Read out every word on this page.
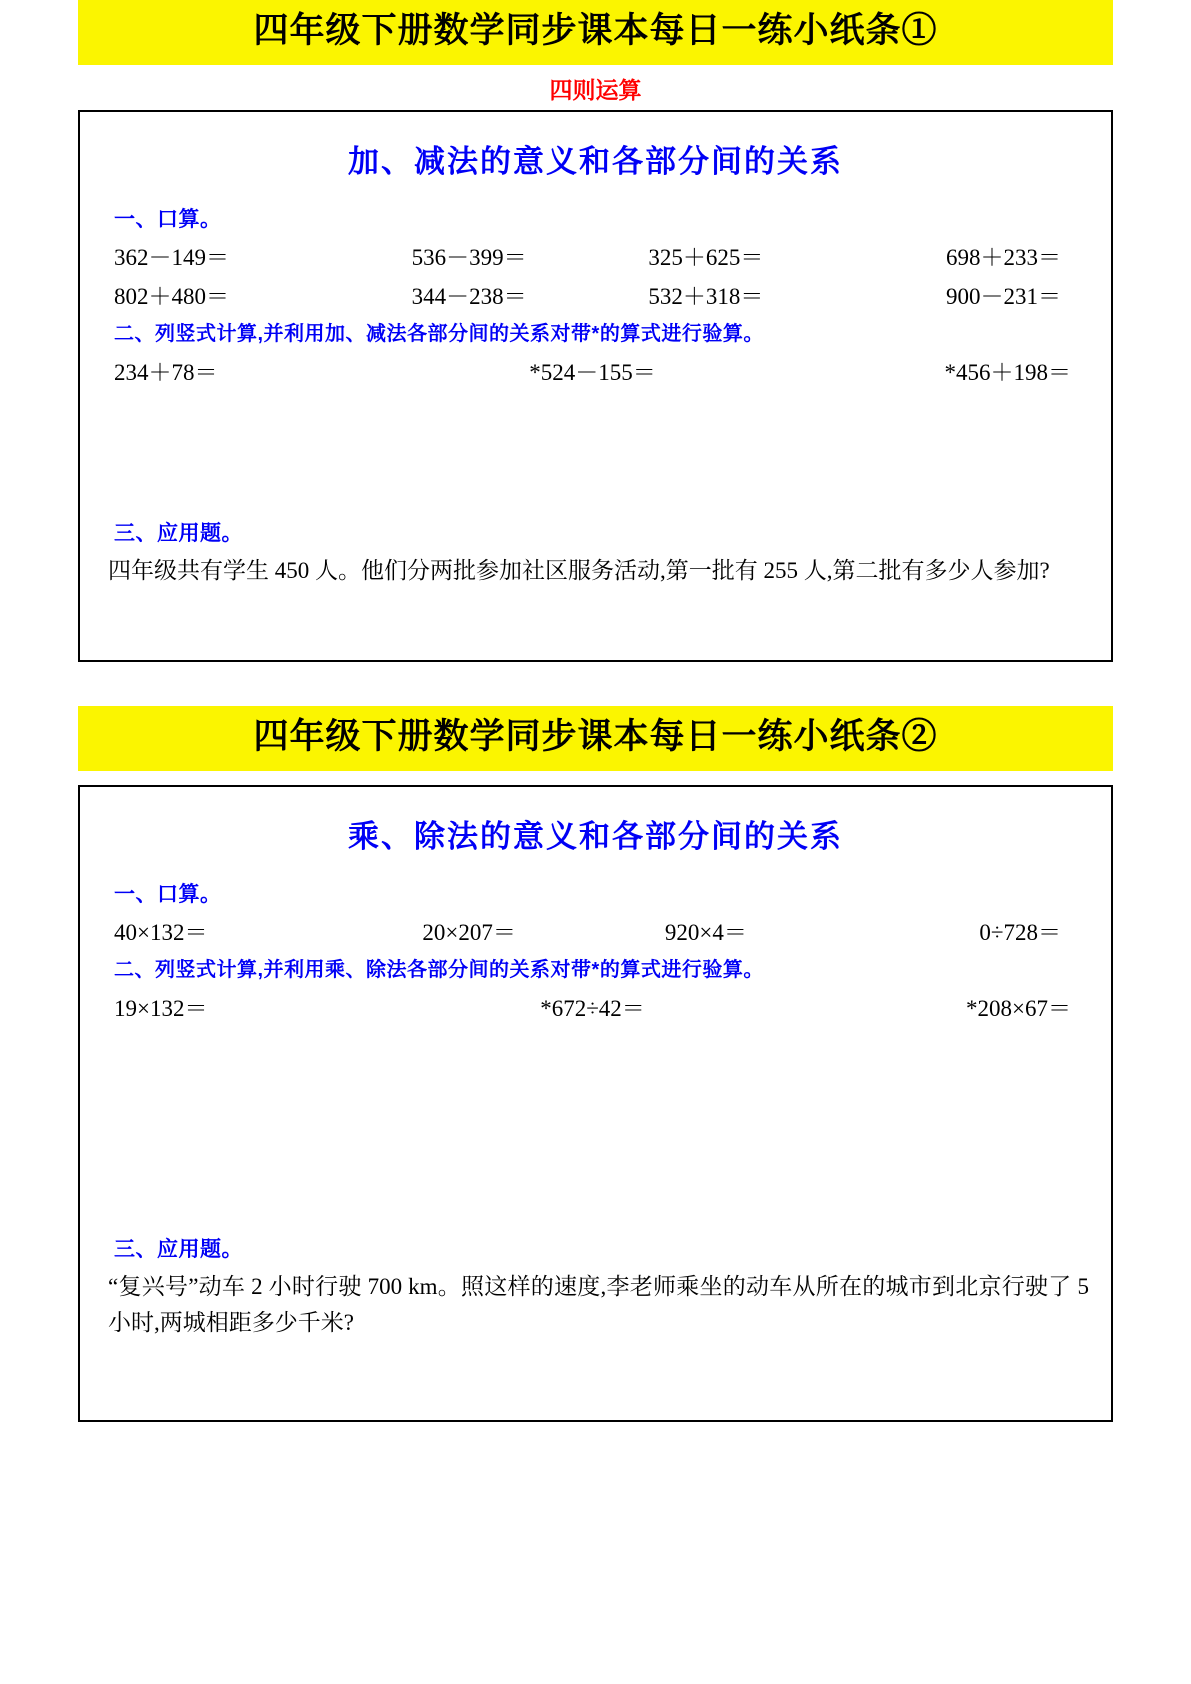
四年级下册数学同步课本每日一练小纸条①
四则运算
加、减法的意义和各部分间的关系
一、口算。
362－149＝	536－399＝	325＋625＝	698＋233＝
802＋480＝	344－238＝	532＋318＝	900－231＝
二、列竖式计算,并利用加、减法各部分间的关系对带*的算式进行验算。
234＋78＝	*524－155＝	*456＋198＝
三、应用题。
四年级共有学生 450 人。他们分两批参加社区服务活动,第一批有 255 人,第二批有多少人参加?
四年级下册数学同步课本每日一练小纸条②
乘、除法的意义和各部分间的关系
一、口算。
40×132＝	20×207＝	920×4＝	0÷728＝
二、列竖式计算,并利用乘、除法各部分间的关系对带*的算式进行验算。
19×132＝	*672÷42＝	*208×67＝
三、应用题。
“复兴号”动车 2 小时行驶 700 km。照这样的速度,李老师乘坐的动车从所在的城市到北京行驶了 5 小时,两城相距多少千米?
